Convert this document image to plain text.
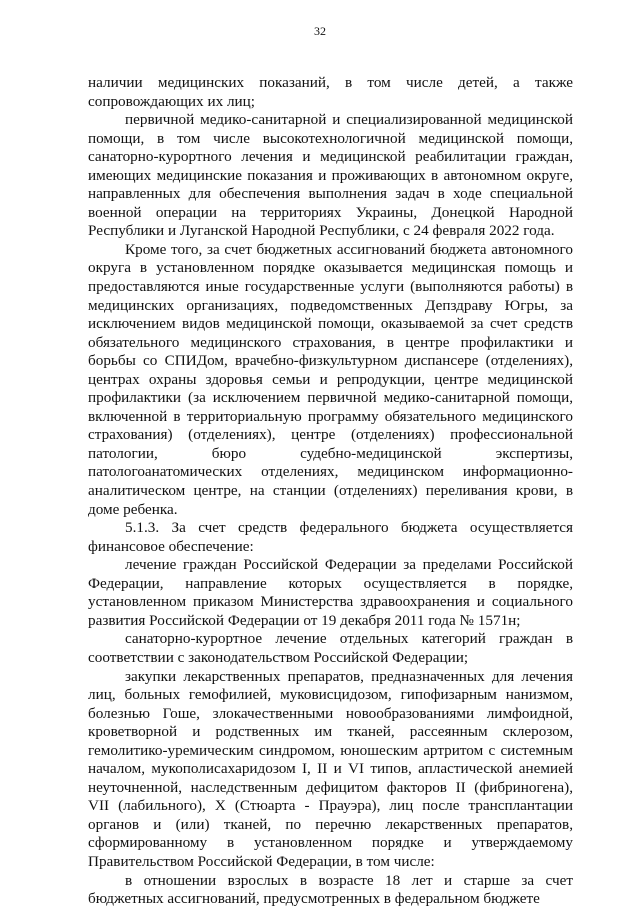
32

наличии медицинских показаний, в том числе детей, а также сопровождающих их лиц;

первичной медико-санитарной и специализированной медицинской помощи, в том числе высокотехнологичной медицинской помощи, санаторно-курортного лечения и медицинской реабилитации граждан, имеющих медицинские показания и проживающих в автономном округе, направленных для обеспечения выполнения задач в ходе специальной военной операции на территориях Украины, Донецкой Народной Республики и Луганской Народной Республики, с 24 февраля 2022 года.

Кроме того, за счет бюджетных ассигнований бюджета автономного округа в установленном порядке оказывается медицинская помощь и предоставляются иные государственные услуги (выполняются работы) в медицинских организациях, подведомственных Депздраву Югры, за исключением видов медицинской помощи, оказываемой за счет средств обязательного медицинского страхования, в центре профилактики и борьбы со СПИДом, врачебно-физкультурном диспансере (отделениях), центрах охраны здоровья семьи и репродукции, центре медицинской профилактики (за исключением первичной медико-санитарной помощи, включенной в территориальную программу обязательного медицинского страхования) (отделениях), центре (отделениях) профессиональной патологии, бюро судебно-медицинской экспертизы, патологоанатомических отделениях, медицинском информационно-аналитическом центре, на станции (отделениях) переливания крови, в доме ребенка.

5.1.3. За счет средств федерального бюджета осуществляется финансовое обеспечение:

лечение граждан Российской Федерации за пределами Российской Федерации, направление которых осуществляется в порядке, установленном приказом Министерства здравоохранения и социального развития Российской Федерации от 19 декабря 2011 года № 1571н;

санаторно-курортное лечение отдельных категорий граждан в соответствии с законодательством Российской Федерации;

закупки лекарственных препаратов, предназначенных для лечения лиц, больных гемофилией, муковисцидозом, гипофизарным нанизмом, болезнью Гоше, злокачественными новообразованиями лимфоидной, кроветворной и родственных им тканей, рассеянным склерозом, гемолитико-уремическим синдромом, юношеским артритом с системным началом, мукополисахаридозом I, II и VI типов, апластической анемией неуточненной, наследственным дефицитом факторов II (фибриногена), VII (лабильного), X (Стюарта - Прауэра), лиц после трансплантации органов и (или) тканей, по перечню лекарственных препаратов, сформированному в установленном порядке и утверждаемому Правительством Российской Федерации, в том числе:

в отношении взрослых в возрасте 18 лет и старше за счет бюджетных ассигнований, предусмотренных в федеральном бюджете
